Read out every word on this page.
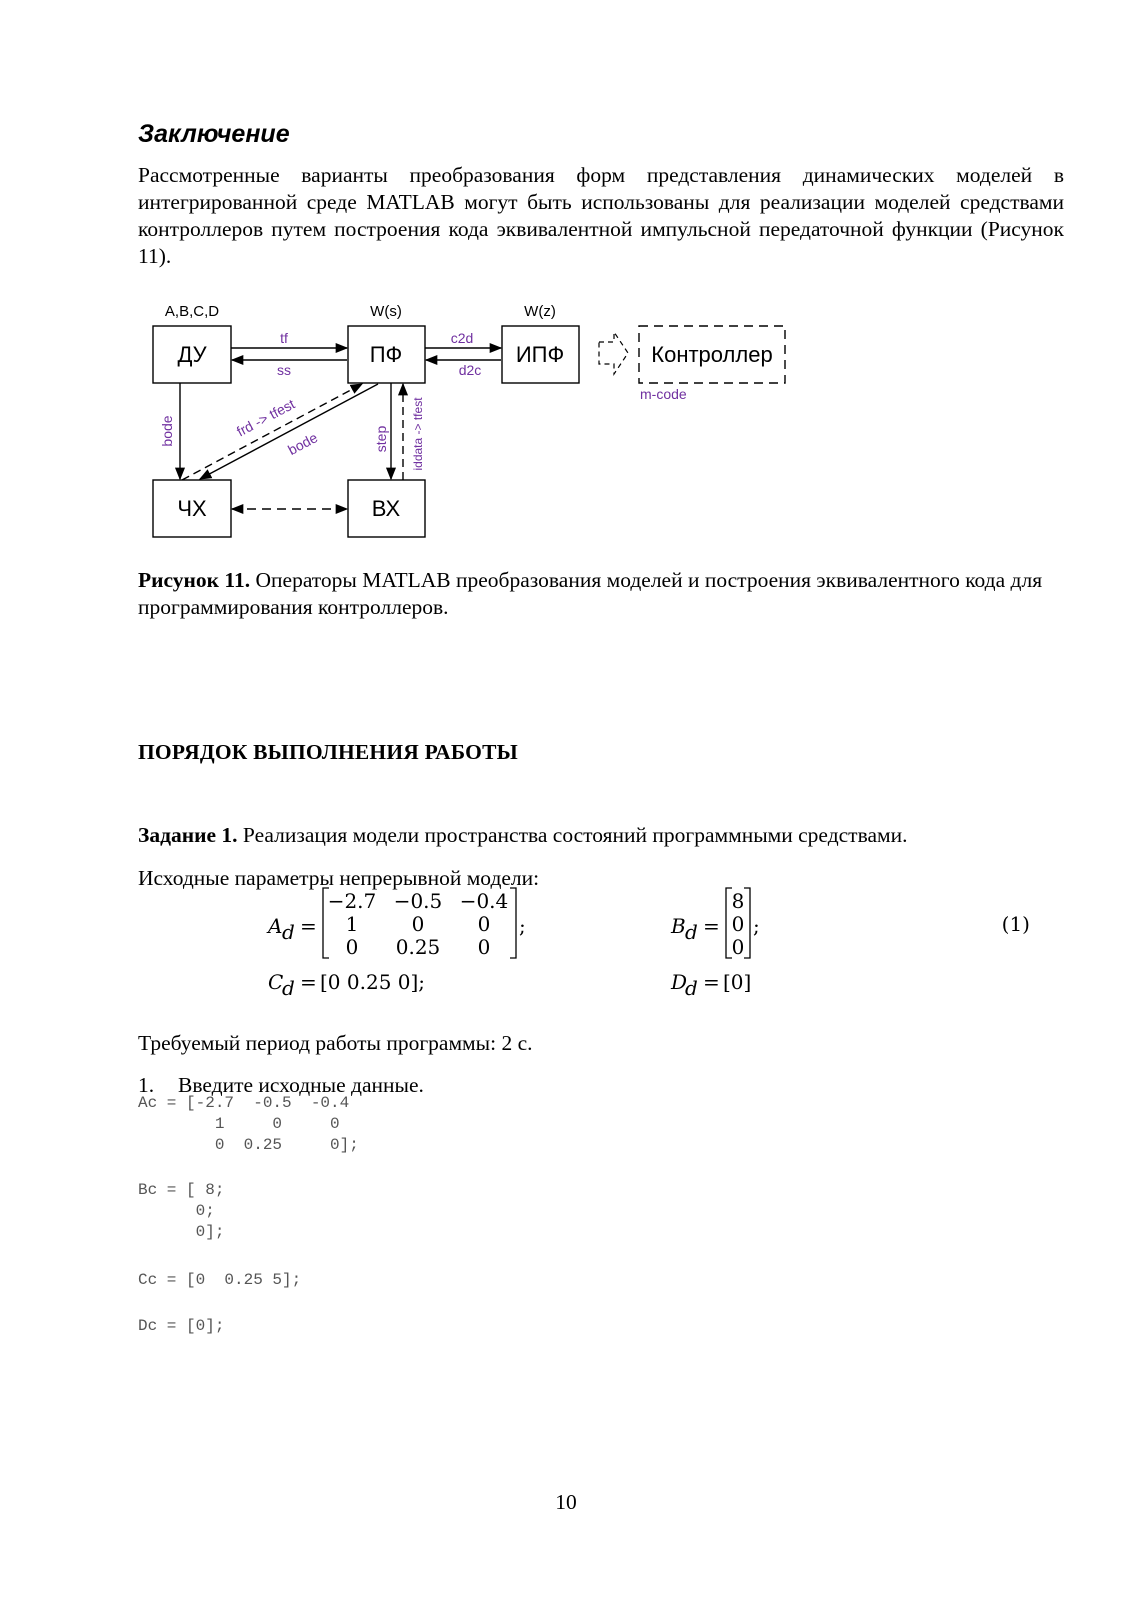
Заключение
Рассмотренные варианты преобразования форм представления динамических моделей в интегрированной среде MATLAB могут быть использованы для реализации моделей средствами контроллеров путем построения кода эквивалентной импульсной передаточной функции (Рисунок 11).
A,B,C,D	W(s)	W(z)
ДУ	ПФ	ИПФ	Контроллер
ЧХ	ВХ
tf
ss
c2d
d2c
m-code
bode	frd -> tfest
bode	step iddata -> tfest
Рисунок 11. Операторы MATLAB преобразования моделей и построения эквивалентного кода для программирования контроллеров.
ПОРЯДОК ВЫПОЛНЕНИЯ РАБОТЫ
Задание 1. Реализация модели пространства состояний программными средствами.
Исходные параметры непрерывной модели:
A d =
−2.7 −0.5 −0.4
1	0	0
0 0.25 0
;	B d =
8
0
0
;	(1)
C
d = [0 0.25 0];	D
d = [0]
Требуемый период работы программы: 2 с.
1. Введите исходные данные.
Ac = [-2.7  -0.5  -0.4
1     0     0
0  0.25     0];
Bc = [ 8;
0;
0];
Cc = [0  0.25 5];
Dc = [0];
10
